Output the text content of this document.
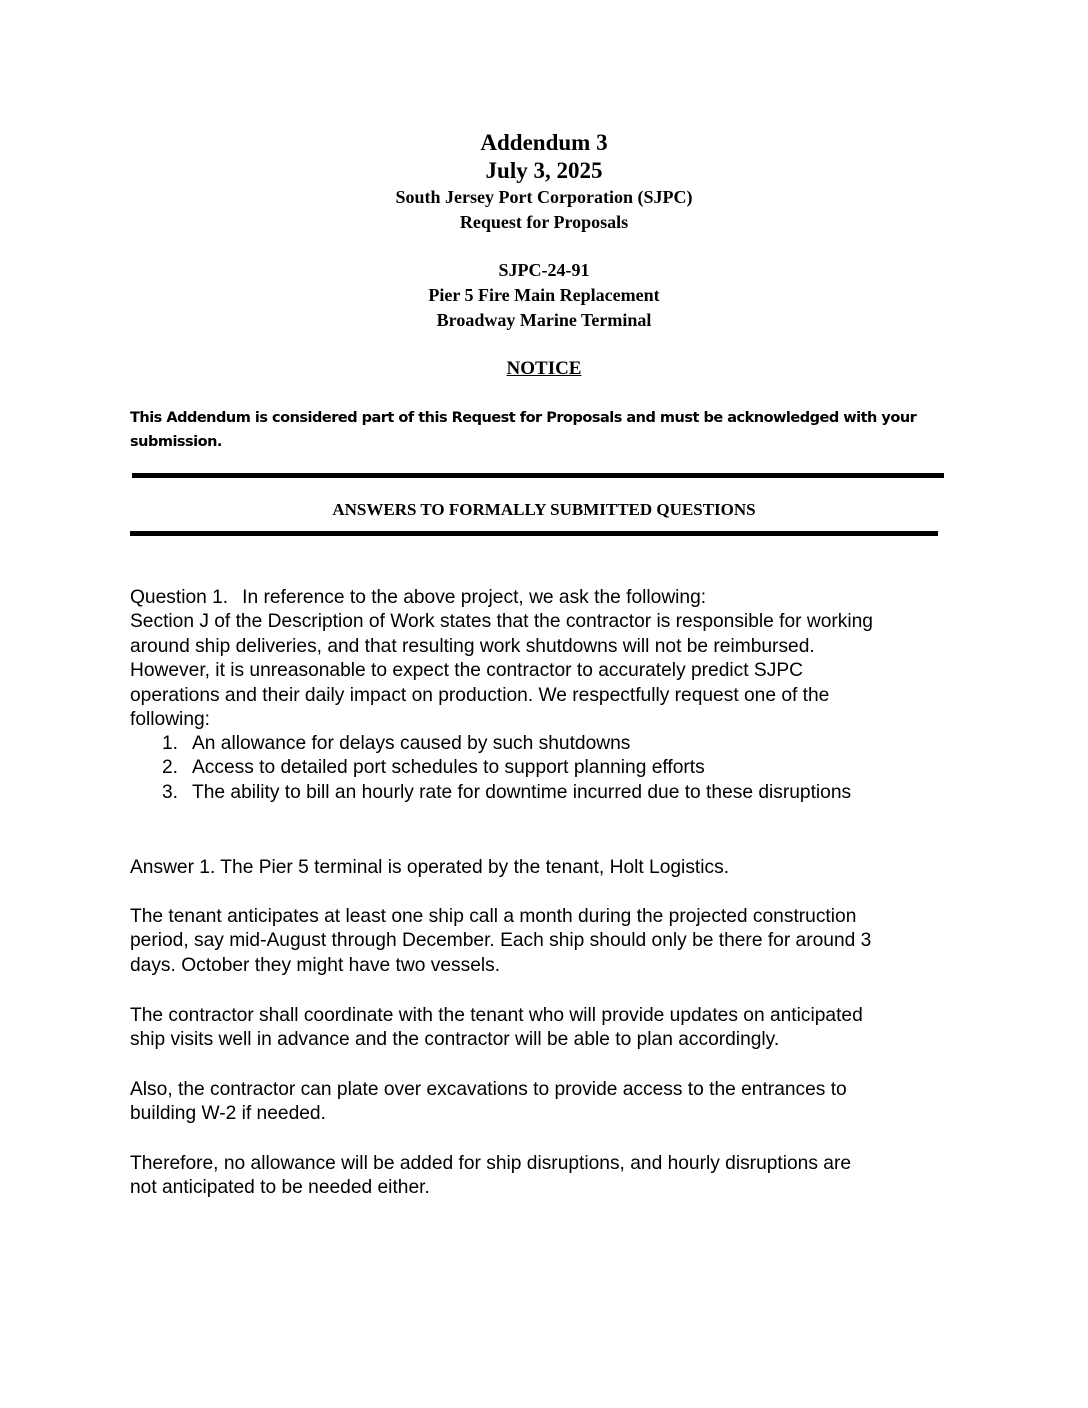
Addendum 3
July 3, 2025
South Jersey Port Corporation (SJPC)
Request for Proposals
SJPC-24-91
Pier 5 Fire Main Replacement
Broadway Marine Terminal
NOTICE
This Addendum is considered part of this Request for Proposals and must be acknowledged with your
submission.
ANSWERS TO FORMALLY SUBMITTED QUESTIONS

Question 1. In reference to the above project, we ask the following:

Section J of the Description of Work states that the contractor is responsible for working

around ship deliveries, and that resulting work shutdowns will not be reimbursed.

However, it is unreasonable to expect the contractor to accurately predict SJPC

operations and their daily impact on production. We respectfully request one of the

following:

1. An allowance for delays caused by such shutdowns
2. Access to detailed port schedules to support planning efforts
3. The ability to bill an hourly rate for downtime incurred due to these disruptions
Answer 1. The Pier 5 terminal is operated by the tenant, Holt Logistics.

The tenant anticipates at least one ship call a month during the projected construction

period, say mid-August through December. Each ship should only be there for around 3

days. October they might have two vessels.

The contractor shall coordinate with the tenant who will provide updates on anticipated

ship visits well in advance and the contractor will be able to plan accordingly.

Also, the contractor can plate over excavations to provide access to the entrances to

building W-2 if needed.

Therefore, no allowance will be added for ship disruptions, and hourly disruptions are

not anticipated to be needed either.
